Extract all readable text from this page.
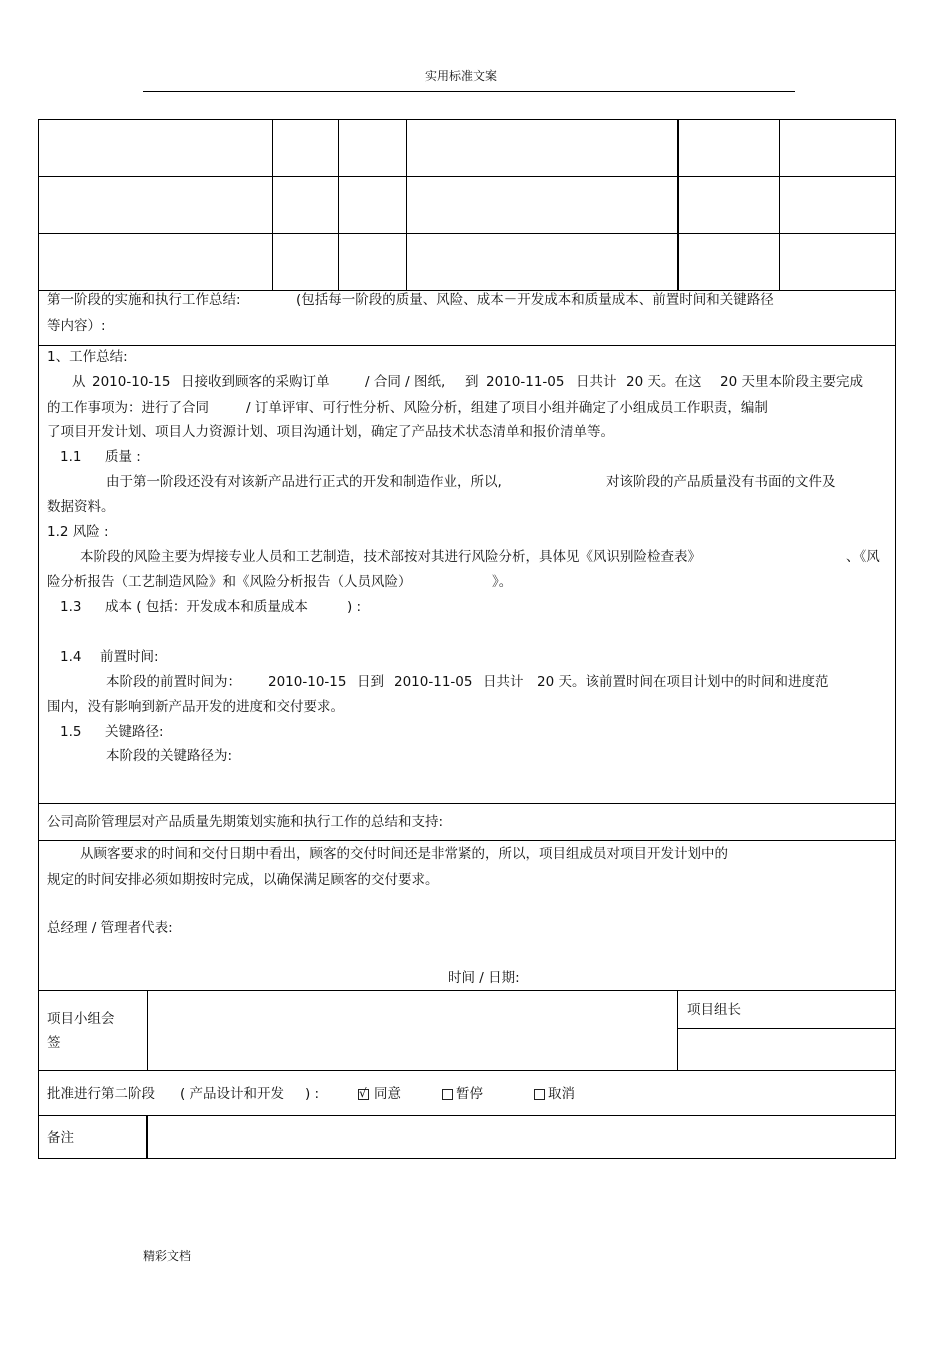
实用标准文案
第一阶段的实施和执行工作总结:	(包括每一阶段的质量、风险、成本－开发成本和质量成本、前置时间和关键路径
等内容）:
1、工作总结:
从 2010-10-15 日接收到顾客的采购订单	/ 合同 / 图纸, 到 2010-11-05 日共计 20 天。在这 20 天里本阶段主要完成
的工作事项为：进行了合同	/ 订单评审、可行性分析、风险分析，组建了项目小组并确定了小组成员工作职责，编制
了项目开发计划、项目人力资源计划、项目沟通计划，确定了产品技术状态清单和报价清单等。
1.1 质量 :
由于第一阶段还没有对该新产品进行正式的开发和制造作业，所以,	对该阶段的产品质量没有书面的文件及
数据资料。
1.2 风险 :
本阶段的风险主要为焊接专业人员和工艺制造，技术部按对其进行风险分析，具体见《风识别险检查表》	、《风
险分析报告（工艺制造风险》和《风险分析报告（人员风险）	》。
1.3 成本 ( 包括：开发成本和质量成本	) :
1.4 前置时间:
本阶段的前置时间为： 2010-10-15 日到 2010-11-05 日共计 20 天。该前置时间在项目计划中的时间和进度范
围内，没有影响到新产品开发的进度和交付要求。
1.5 关键路径:
本阶段的关键路径为:
公司高阶管理层对产品质量先期策划实施和执行工作的总结和支持:
从顾客要求的时间和交付日期中看出，顾客的交付时间还是非常紧的，所以，项目组成员对项目开发计划中的
规定的时间安排必须如期按时完成，以确保满足顾客的交付要求。
总经理 / 管理者代表:
时间 / 日期:
项目小组会
签
项目组长
批准进行第二阶段 ( 产品设计和开发 ) :	√ 同意	暂停	取消
备注
精彩文档
